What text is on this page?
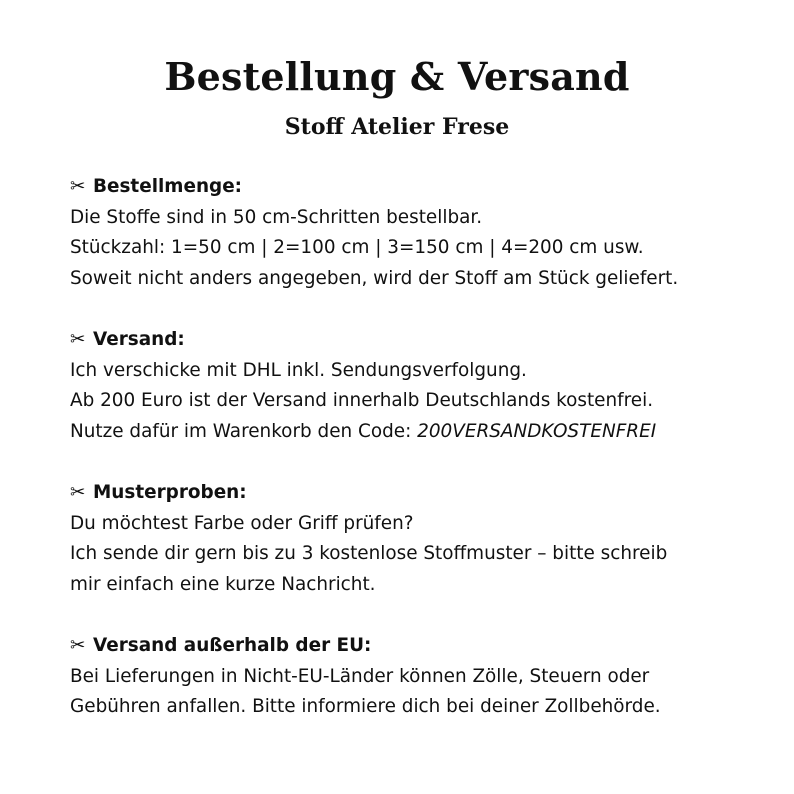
Bestellung & Versand
Stoff Atelier Frese
✂ Bestellmenge:
Die Stoffe sind in 50 cm-Schritten bestellbar.
Stückzahl: 1=50 cm | 2=100 cm | 3=150 cm | 4=200 cm usw.
Soweit nicht anders angegeben, wird der Stoff am Stück geliefert.
✂ Versand:
Ich verschicke mit DHL inkl. Sendungsverfolgung.
Ab 200 Euro ist der Versand innerhalb Deutschlands kostenfrei.
Nutze dafür im Warenkorb den Code: 200VERSANDKOSTENFREI
✂ Musterproben:
Du möchtest Farbe oder Griff prüfen?
Ich sende dir gern bis zu 3 kostenlose Stoffmuster – bitte schreib
mir einfach eine kurze Nachricht.
✂ Versand außerhalb der EU:
Bei Lieferungen in Nicht-EU-Länder können Zölle, Steuern oder
Gebühren anfallen. Bitte informiere dich bei deiner Zollbehörde.
